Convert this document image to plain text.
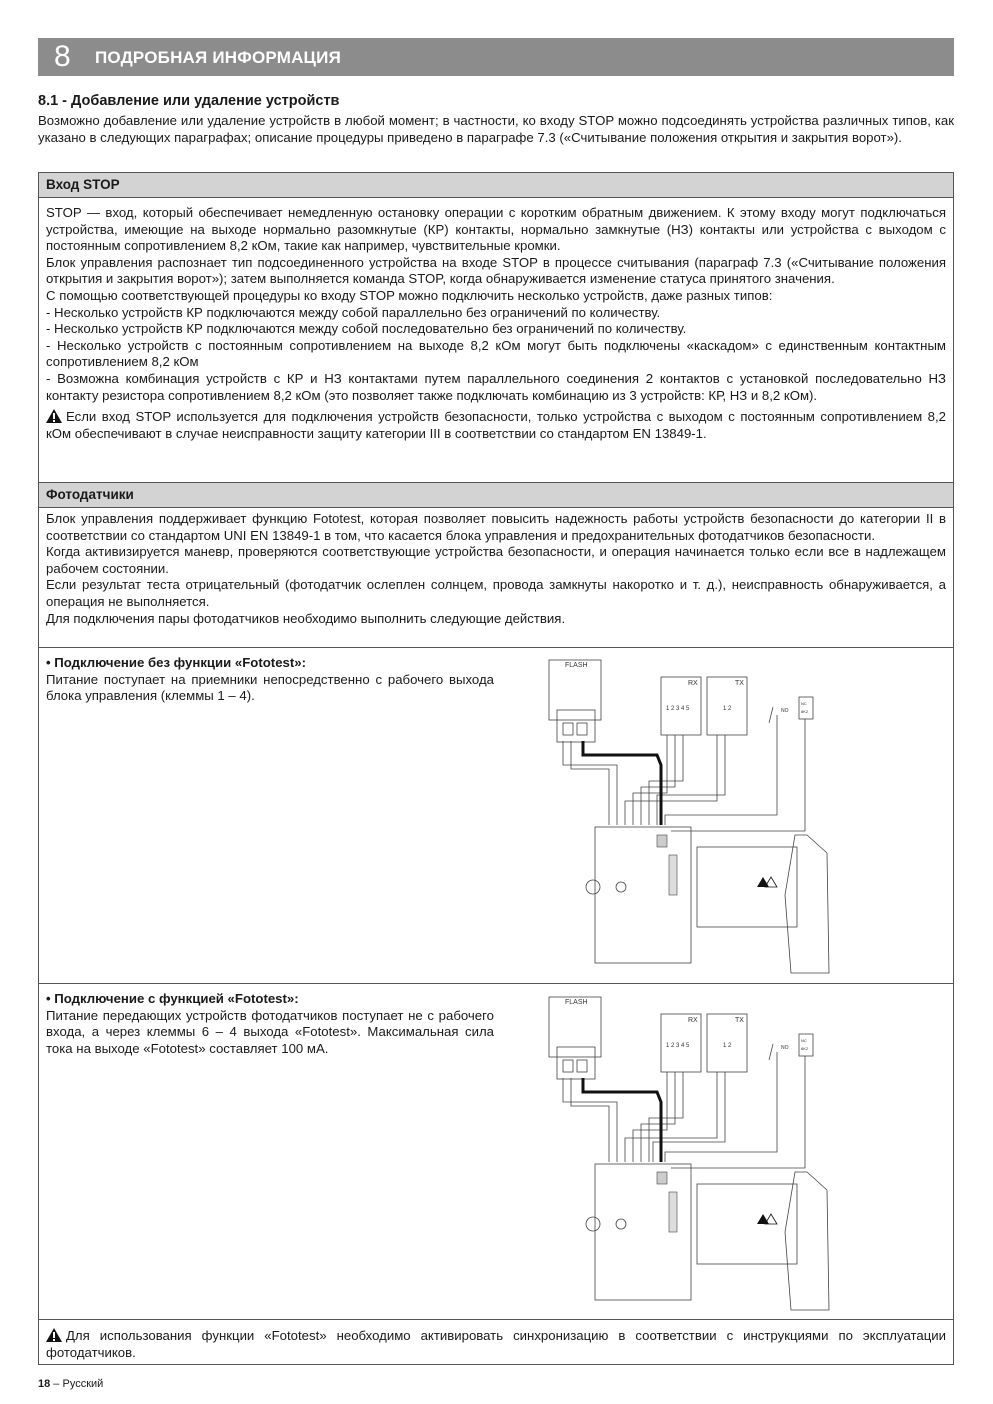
8 ПОДРОБНАЯ ИНФОРМАЦИЯ
8.1 - Добавление или удаление устройств
Возможно добавление или удаление устройств в любой момент; в частности, ко входу STOP можно подсоединять устройства различных типов, как указано в следующих параграфах; описание процедуры приведено в параграфе 7.3 («Считывание положения открытия и закрытия ворот»).
Вход STOP

STOP — вход, который обеспечивает немедленную остановку операции с коротким обратным движением. К этому входу могут подключаться устройства, имеющие на выходе нормально разомкнутые (КР) контакты, нормально замкнутые (НЗ) контакты или устройства с выходом с постоянным сопротивлением 8,2 кОм, такие как например, чувствительные кромки.

Блок управления распознает тип подсоединенного устройства на входе STOP в процессе считывания (параграф 7.3 («Считывание положения открытия и закрытия ворот»); затем выполняется команда STOP, когда обнаруживается изменение статуса принятого значения.

С помощью соответствующей процедуры ко входу STOP можно подключить несколько устройств, даже разных типов:

- Несколько устройств КР подключаются между собой параллельно без ограничений по количеству.

- Несколько устройств КР подключаются между собой последовательно без ограничений по количеству.

- Несколько устройств с постоянным сопротивлением на выходе 8,2 кОм могут быть подключены «каскадом» с единственным контактным сопротивлением 8,2 кОм

- Возможна комбинация устройств с КР и НЗ контактами путем параллельного соединения 2 контактов с установкой последовательно НЗ контакту резистора сопротивлением 8,2 кОм (это позволяет также подключать комбинацию из 3 устройств: КР, НЗ и 8,2 кОм).

Если вход STOP используется для подключения устройств безопасности, только устройства с выходом с постоянным сопротивлением 8,2 кОм обеспечивают в случае неисправности защиту категории III в соответствии со стандартом EN 13849-1.

Фотодатчики

Блок управления поддерживает функцию Fototest, которая позволяет повысить надежность работы устройств безопасности до категории II в соответствии со стандартом UNI EN 13849-1 в том, что касается блока управления и предохранительных фотодатчиков безопасности.

Когда активизируется маневр, проверяются соответствующие устройства безопасности, и операция начинается только если все в надлежащем рабочем состоянии.

Если результат теста отрицательный (фотодатчик ослеплен солнцем, провода замкнуты накоротко и т. д.), неисправность обнаруживается, а операция не выполняется.

Для подключения пары фотодатчиков необходимо выполнить следующие действия.

• Подключение без функции «Fototest»:

Питание поступает на приемники непосредственно с рабочего выхода блока управления (клеммы 1 – 4).

• Подключение с функцией «Fototest»:

Питание передающих устройств фотодатчиков поступает не с рабочего входа, а через клеммы 6 – 4 выхода «Fototest». Максимальная сила тока на выходе «Fototest» составляет 100 мА.

Для использования функции «Fototest» необходимо активировать синхронизацию в соответствии с инструкциями по эксплуатации фотодатчиков.

FLASH
RX	TX
1 2 3 4 5	1 2	NO
NC
8K2
FLASH
RX	TX
1 2 3 4 5	1 2	NO
NC
8K2
18 – Русский
